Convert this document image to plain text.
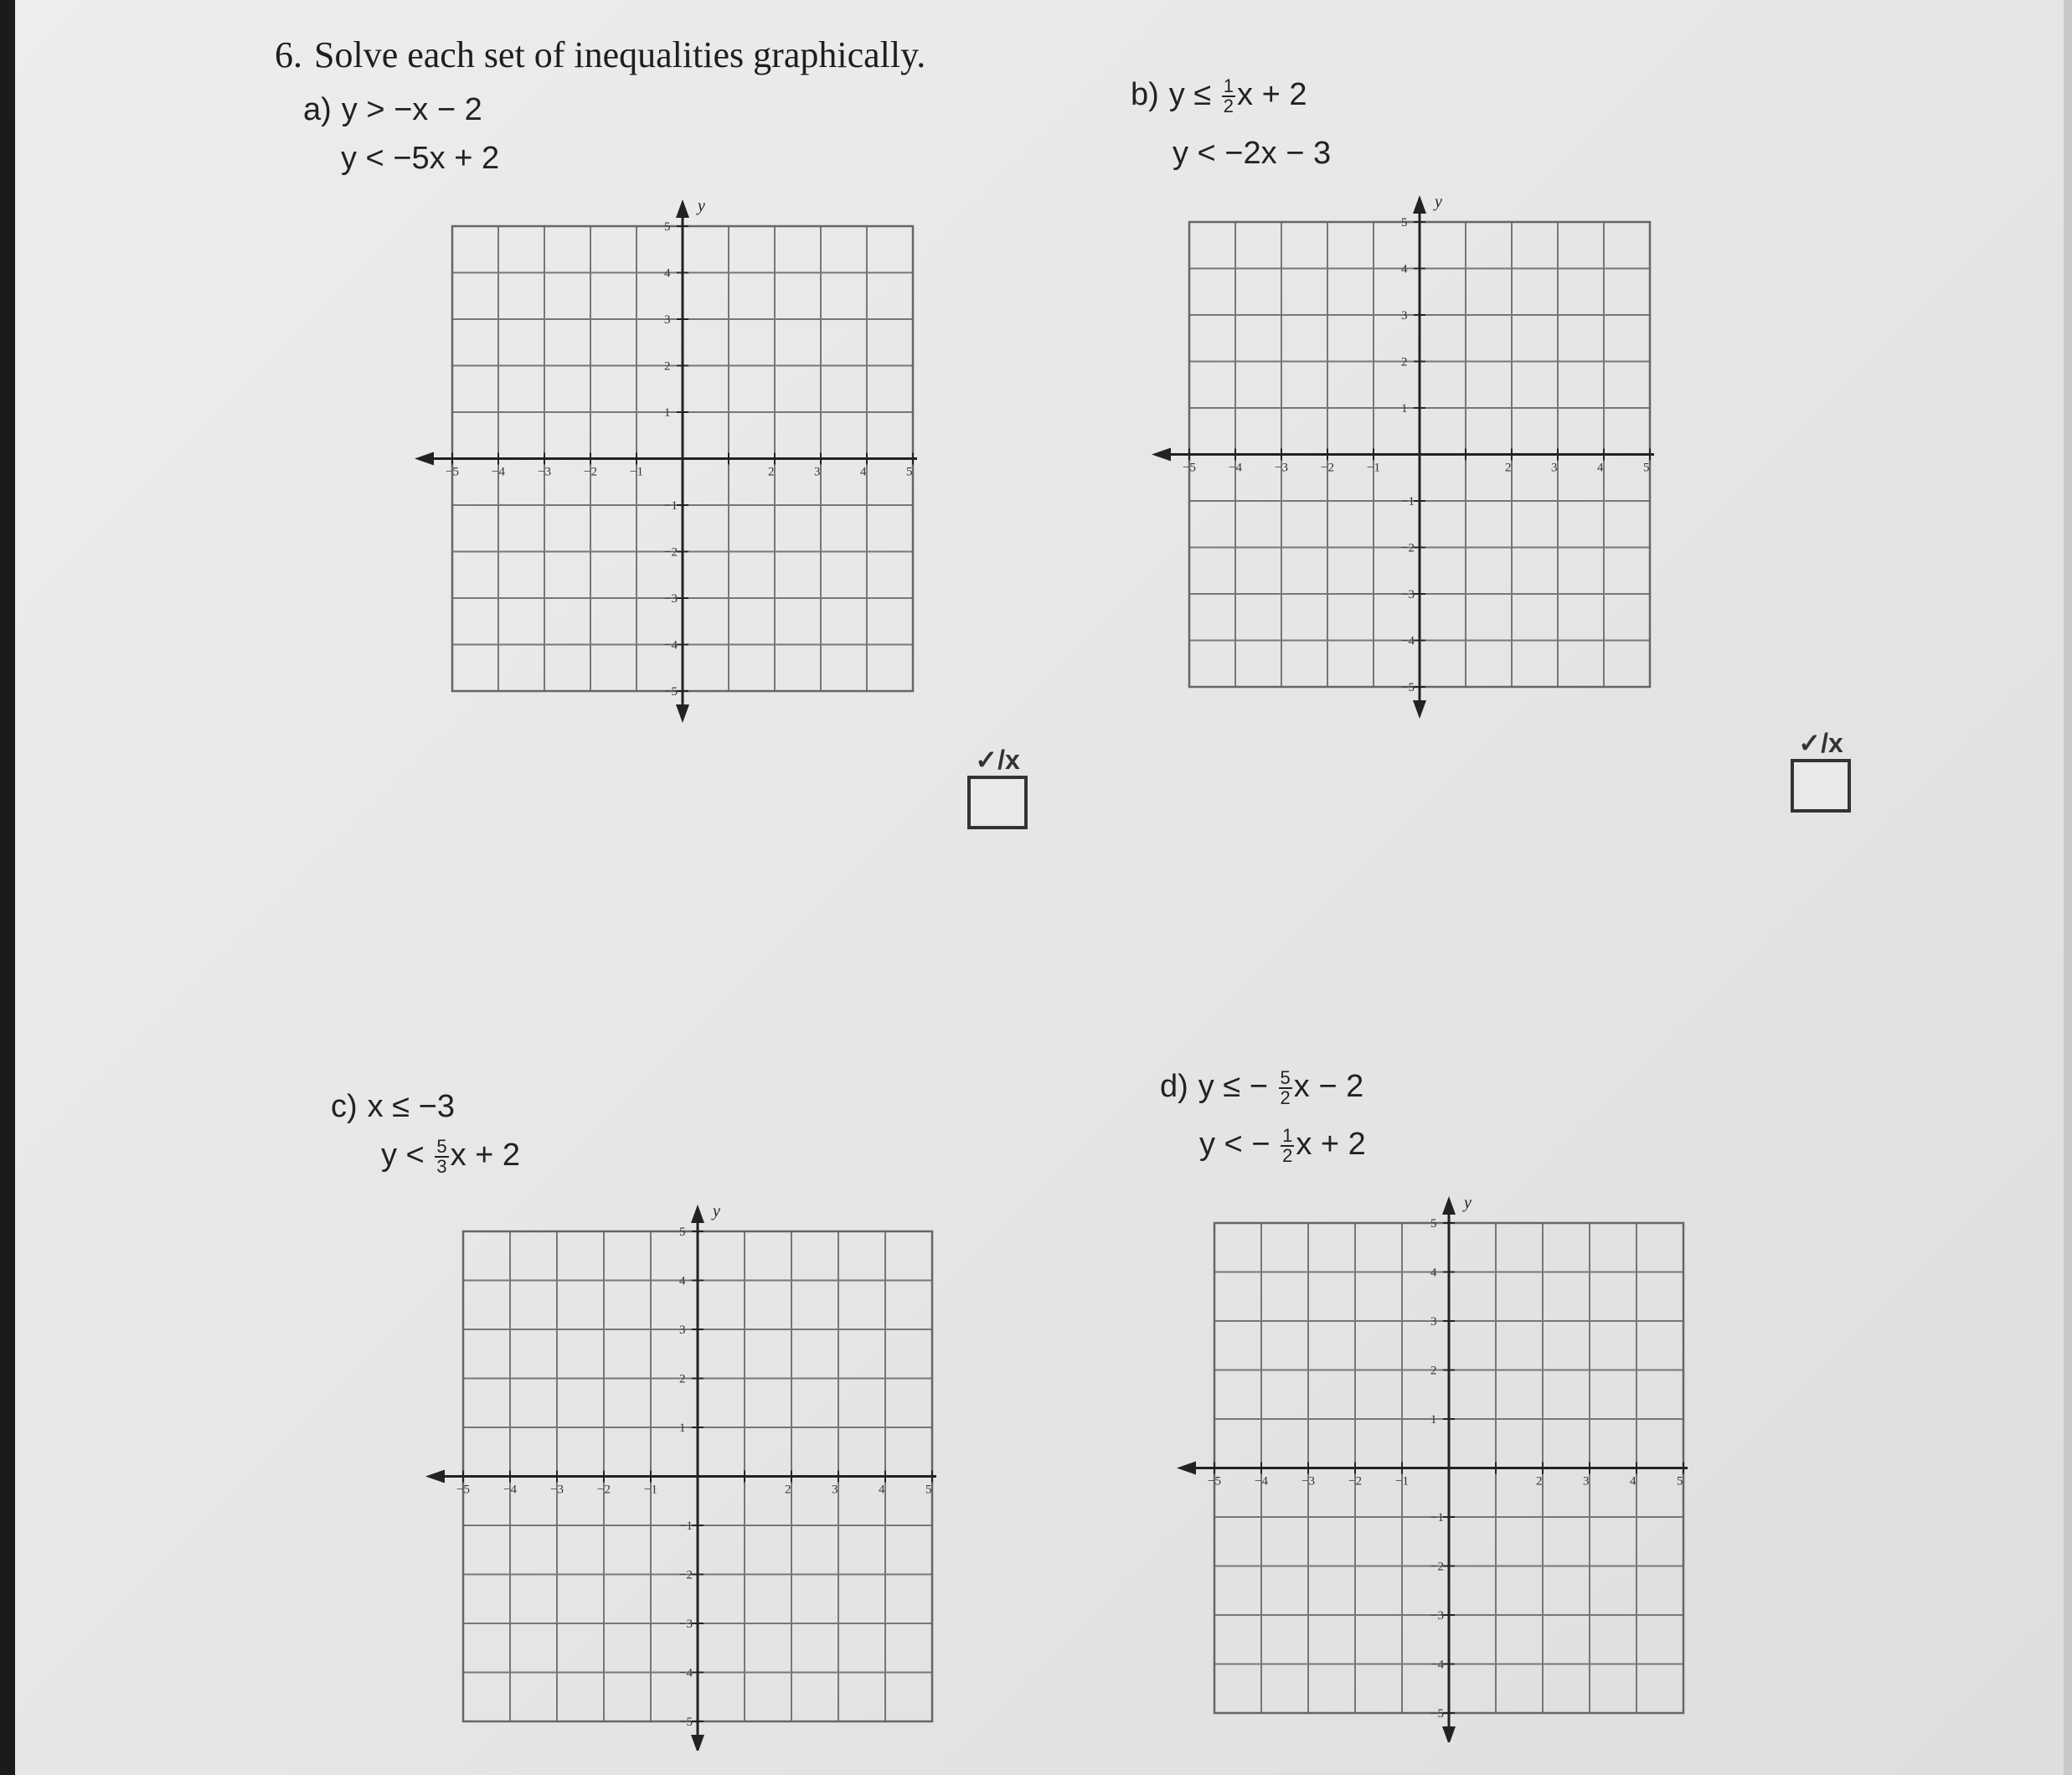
6. Solve each set of inequalities graphically.
a) y > −x − 2
y < −5x + 2
b) $y \le \frac{1}{2}$ x + 2
y < −2x − 3
c) x ≤ −3
$y < \frac{5}{3}$ x + 2
d) y ≤ − $\frac{5}{2}$ x − 2
y < − $\frac{1}{2}$ x + 2
y
−5	−4	−3	−2	−1	2	3	4	5
5
4
3
2
1
−1
−2
−3
−4
−5
y
−5	−4	−3	−2	−1	2	3	4	5
5
4
3
2
1
−1
−2
−3
−4
−5
y
−5	−4	−3	−2	−1	2	3	4	5
5
4
3
2
1
−1
−2
−3
−4
−5
y
−5	−4	−3	−2	−1	2	3	4	5
5
4
3
2
1
−1
−2
−3
−4
−5
✓/x
✓/x
